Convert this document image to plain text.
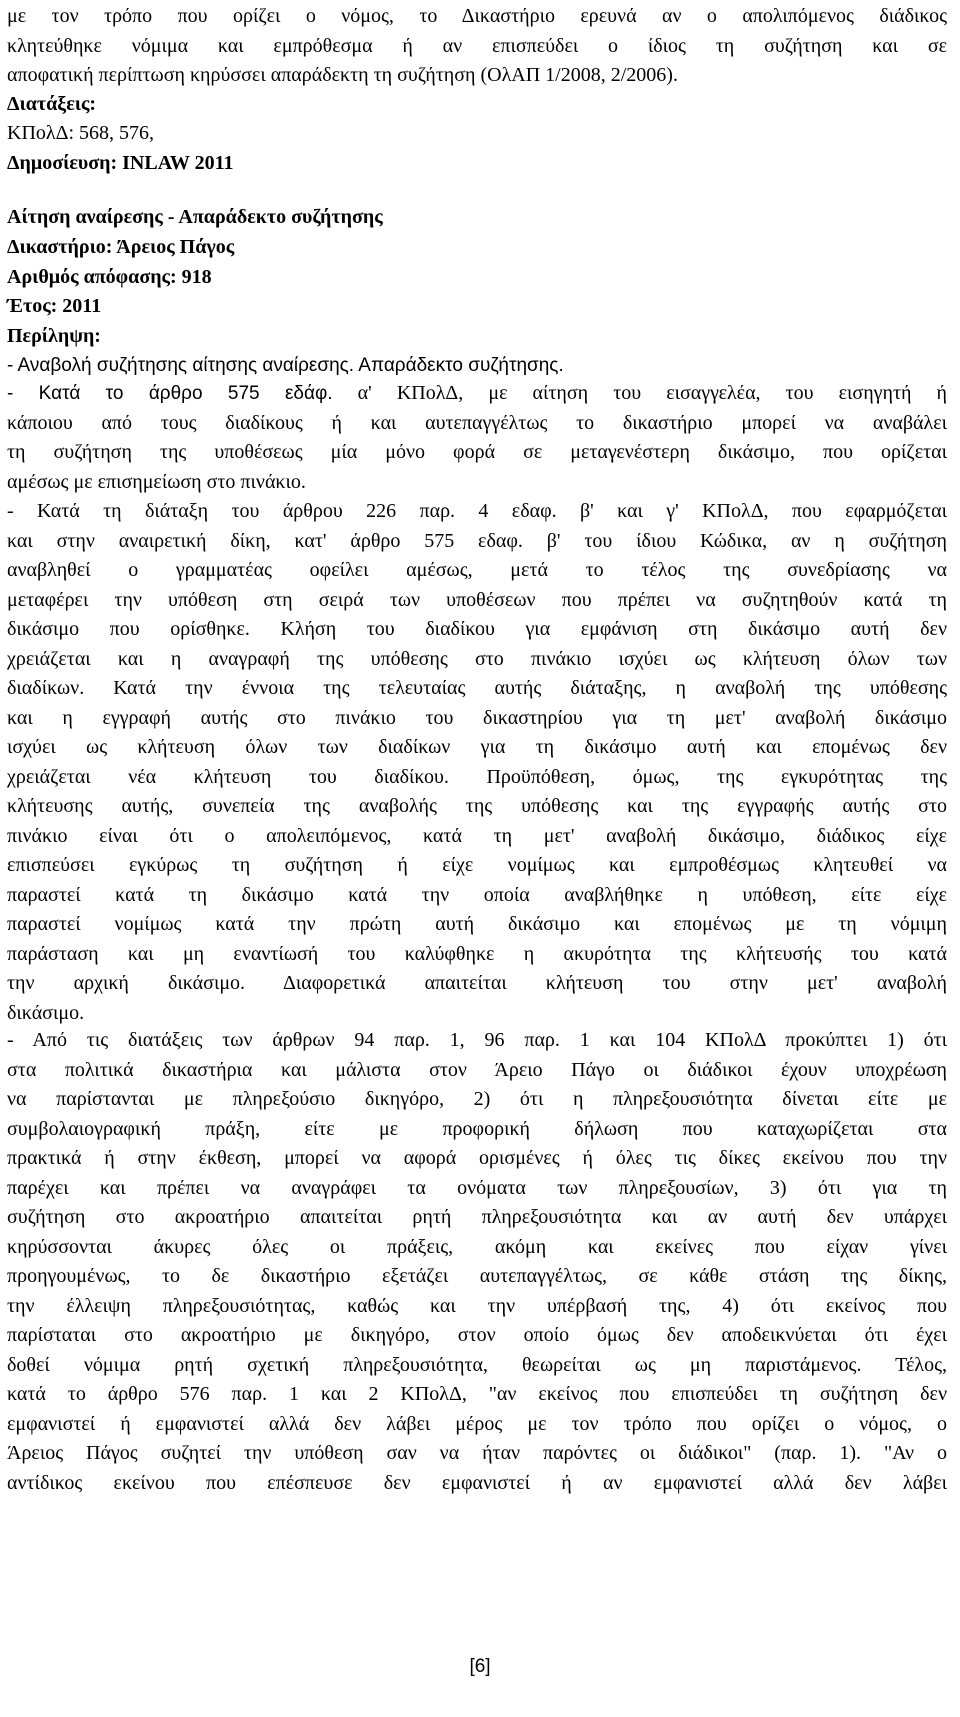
με τον τρόπο που ορίζει ο νόμος, το Δικαστήριο ερευνά αν ο απολιπόμενος διάδικος
κλητεύθηκε νόμιμα και εμπρόθεσμα ή αν επισπεύδει ο ίδιος τη συζήτηση και σε
αποφατική περίπτωση κηρύσσει απαράδεκτη τη συζήτηση (ΟλΑΠ 1/2008, 2/2006).
Διατάξεις:
ΚΠολΔ: 568, 576,
Δημοσίευση: INLAW 2011
Αίτηση αναίρεσης - Απαράδεκτο συζήτησης
Δικαστήριο: Άρειος Πάγος
Αριθμός απόφασης: 918
Έτος: 2011
Περίληψη:
- Αναβολή συζήτησης αίτησης αναίρεσης. Απαράδεκτο συζήτησης.
- Κατά το άρθρο 575 εδάφ. α' ΚΠολΔ, με αίτηση του εισαγγελέα, του εισηγητή ή
κάποιου από τους διαδίκους ή και αυτεπαγγέλτως το δικαστήριο μπορεί να αναβάλει
τη συζήτηση της υποθέσεως μία μόνο φορά σε μεταγενέστερη δικάσιμο, που ορίζεται
αμέσως με επισημείωση στο πινάκιο.
- Κατά τη διάταξη του άρθρου 226 παρ. 4 εδαφ. β' και γ' ΚΠολΔ, που εφαρμόζεται
και στην αναιρετική δίκη, κατ' άρθρο 575 εδαφ. β' του ίδιου Κώδικα, αν η συζήτηση
αναβληθεί ο γραμματέας οφείλει αμέσως, μετά το τέλος της συνεδρίασης να
μεταφέρει την υπόθεση στη σειρά των υποθέσεων που πρέπει να συζητηθούν κατά τη
δικάσιμο που ορίσθηκε. Κλήση του διαδίκου για εμφάνιση στη δικάσιμο αυτή δεν
χρειάζεται και η αναγραφή της υπόθεσης στο πινάκιο ισχύει ως κλήτευση όλων των
διαδίκων. Κατά την έννοια της τελευταίας αυτής διάταξης, η αναβολή της υπόθεσης
και η εγγραφή αυτής στο πινάκιο του δικαστηρίου για τη μετ' αναβολή δικάσιμο
ισχύει ως κλήτευση όλων των διαδίκων για τη δικάσιμο αυτή και επομένως δεν
χρειάζεται νέα κλήτευση του διαδίκου. Προϋπόθεση, όμως, της εγκυρότητας της
κλήτευσης αυτής, συνεπεία της αναβολής της υπόθεσης και της εγγραφής αυτής στο
πινάκιο είναι ότι ο απολειπόμενος, κατά τη μετ' αναβολή δικάσιμο, διάδικος είχε
επισπεύσει εγκύρως τη συζήτηση ή είχε νομίμως και εμπροθέσμως κλητευθεί να
παραστεί κατά τη δικάσιμο κατά την οποία αναβλήθηκε η υπόθεση, είτε είχε
παραστεί νομίμως κατά την πρώτη αυτή δικάσιμο και επομένως με τη νόμιμη
παράσταση και μη εναντίωσή του καλύφθηκε η ακυρότητα της κλήτευσής του κατά
την αρχική δικάσιμο. Διαφορετικά απαιτείται κλήτευση του στην μετ' αναβολή
δικάσιμο.
- Από τις διατάξεις των άρθρων 94 παρ. 1, 96 παρ. 1 και 104 ΚΠολΔ προκύπτει 1) ότι
στα πολιτικά δικαστήρια και μάλιστα στον Άρειο Πάγο οι διάδικοι έχουν υποχρέωση
να παρίστανται με πληρεξούσιο δικηγόρο, 2) ότι η πληρεξουσιότητα δίνεται είτε με
συμβολαιογραφική πράξη, είτε με προφορική δήλωση που καταχωρίζεται στα
πρακτικά ή στην έκθεση, μπορεί να αφορά ορισμένες ή όλες τις δίκες εκείνου που την
παρέχει και πρέπει να αναγράφει τα ονόματα των πληρεξουσίων, 3) ότι για τη
συζήτηση στο ακροατήριο απαιτείται ρητή πληρεξουσιότητα και αν αυτή δεν υπάρχει
κηρύσσονται άκυρες όλες οι πράξεις, ακόμη και εκείνες που είχαν γίνει
προηγουμένως, το δε δικαστήριο εξετάζει αυτεπαγγέλτως, σε κάθε στάση της δίκης,
την έλλειψη πληρεξουσιότητας, καθώς και την υπέρβασή της, 4) ότι εκείνος που
παρίσταται στο ακροατήριο με δικηγόρο, στον οποίο όμως δεν αποδεικνύεται ότι έχει
δοθεί νόμιμα ρητή σχετική πληρεξουσιότητα, θεωρείται ως μη παριστάμενος. Τέλος,
κατά το άρθρο 576 παρ. 1 και 2 ΚΠολΔ, "αν εκείνος που επισπεύδει τη συζήτηση δεν
εμφανιστεί ή εμφανιστεί αλλά δεν λάβει μέρος με τον τρόπο που ορίζει ο νόμος, ο
Άρειος Πάγος συζητεί την υπόθεση σαν να ήταν παρόντες οι διάδικοι" (παρ. 1). "Αν ο
αντίδικος εκείνου που επέσπευσε δεν εμφανιστεί ή αν εμφανιστεί αλλά δεν λάβει
[6]
